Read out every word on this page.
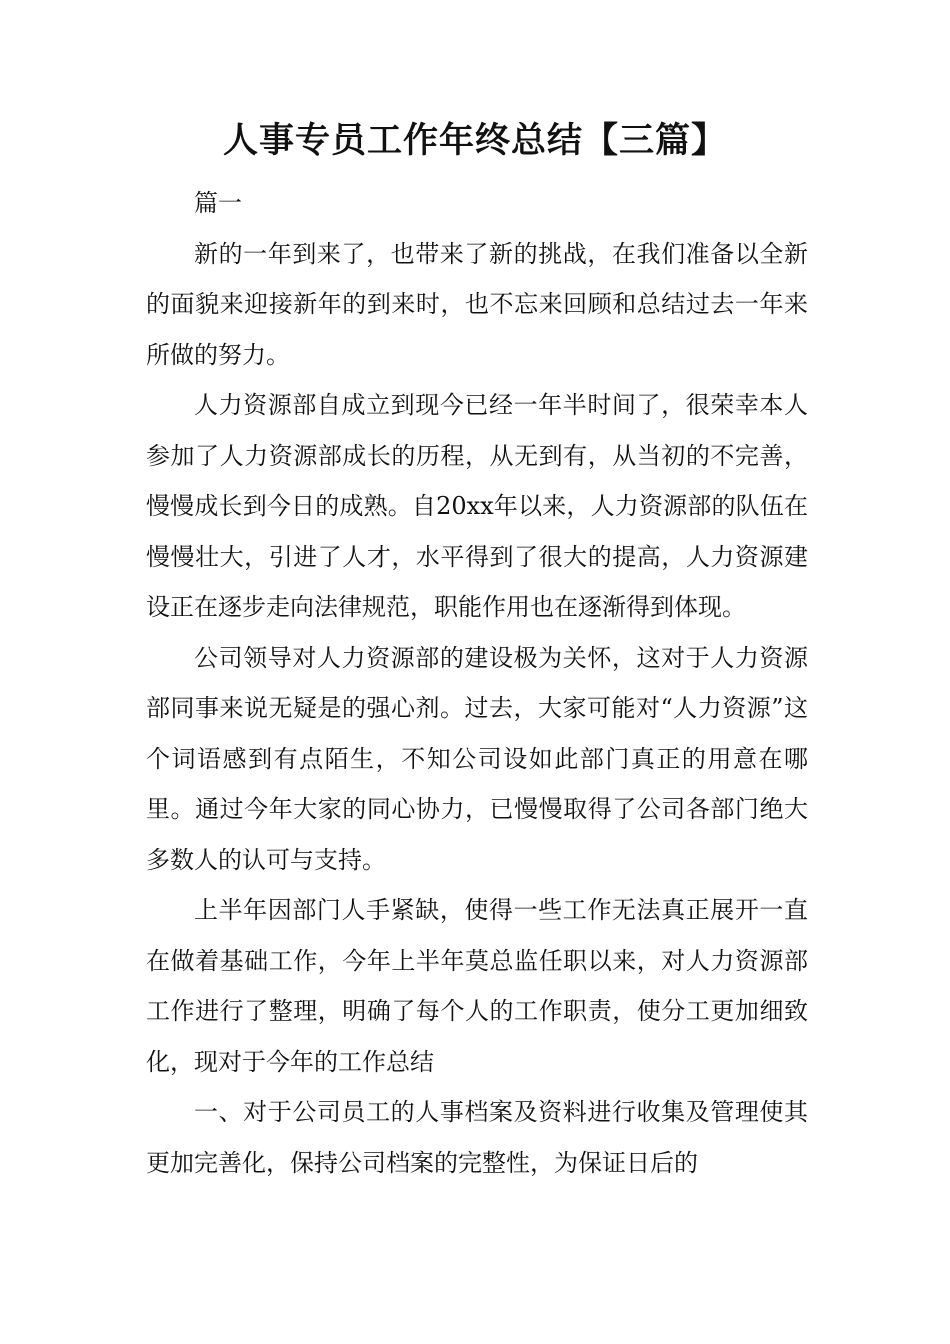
人事专员工作年终总结【三篇】

篇一

新的一年到来了，也带来了新的挑战，在我们准备以全新的面貌来迎接新年的到来时，也不忘来回顾和总结过去一年来所做的努力。

人力资源部自成立到现今已经一年半时间了，很荣幸本人参加了人力资源部成长的历程，从无到有，从当初的不完善，慢慢成长到今日的成熟。自20xx年以来，人力资源部的队伍在慢慢壮大，引进了人才，水平得到了很大的提高，人力资源建设正在逐步走向法律规范，职能作用也在逐渐得到体现。

公司领导对人力资源部的建设极为关怀，这对于人力资源部同事来说无疑是的强心剂。过去，大家可能对“人力资源”这个词语感到有点陌生，不知公司设如此部门真正的用意在哪里。通过今年大家的同心协力，已慢慢取得了公司各部门绝大多数人的认可与支持。

上半年因部门人手紧缺，使得一些工作无法真正展开一直在做着基础工作，今年上半年莫总监任职以来，对人力资源部工作进行了整理，明确了每个人的工作职责，使分工更加细致化，现对于今年的工作总结

一、对于公司员工的人事档案及资料进行收集及管理使其更加完善化，保持公司档案的完整性，为保证日后的
